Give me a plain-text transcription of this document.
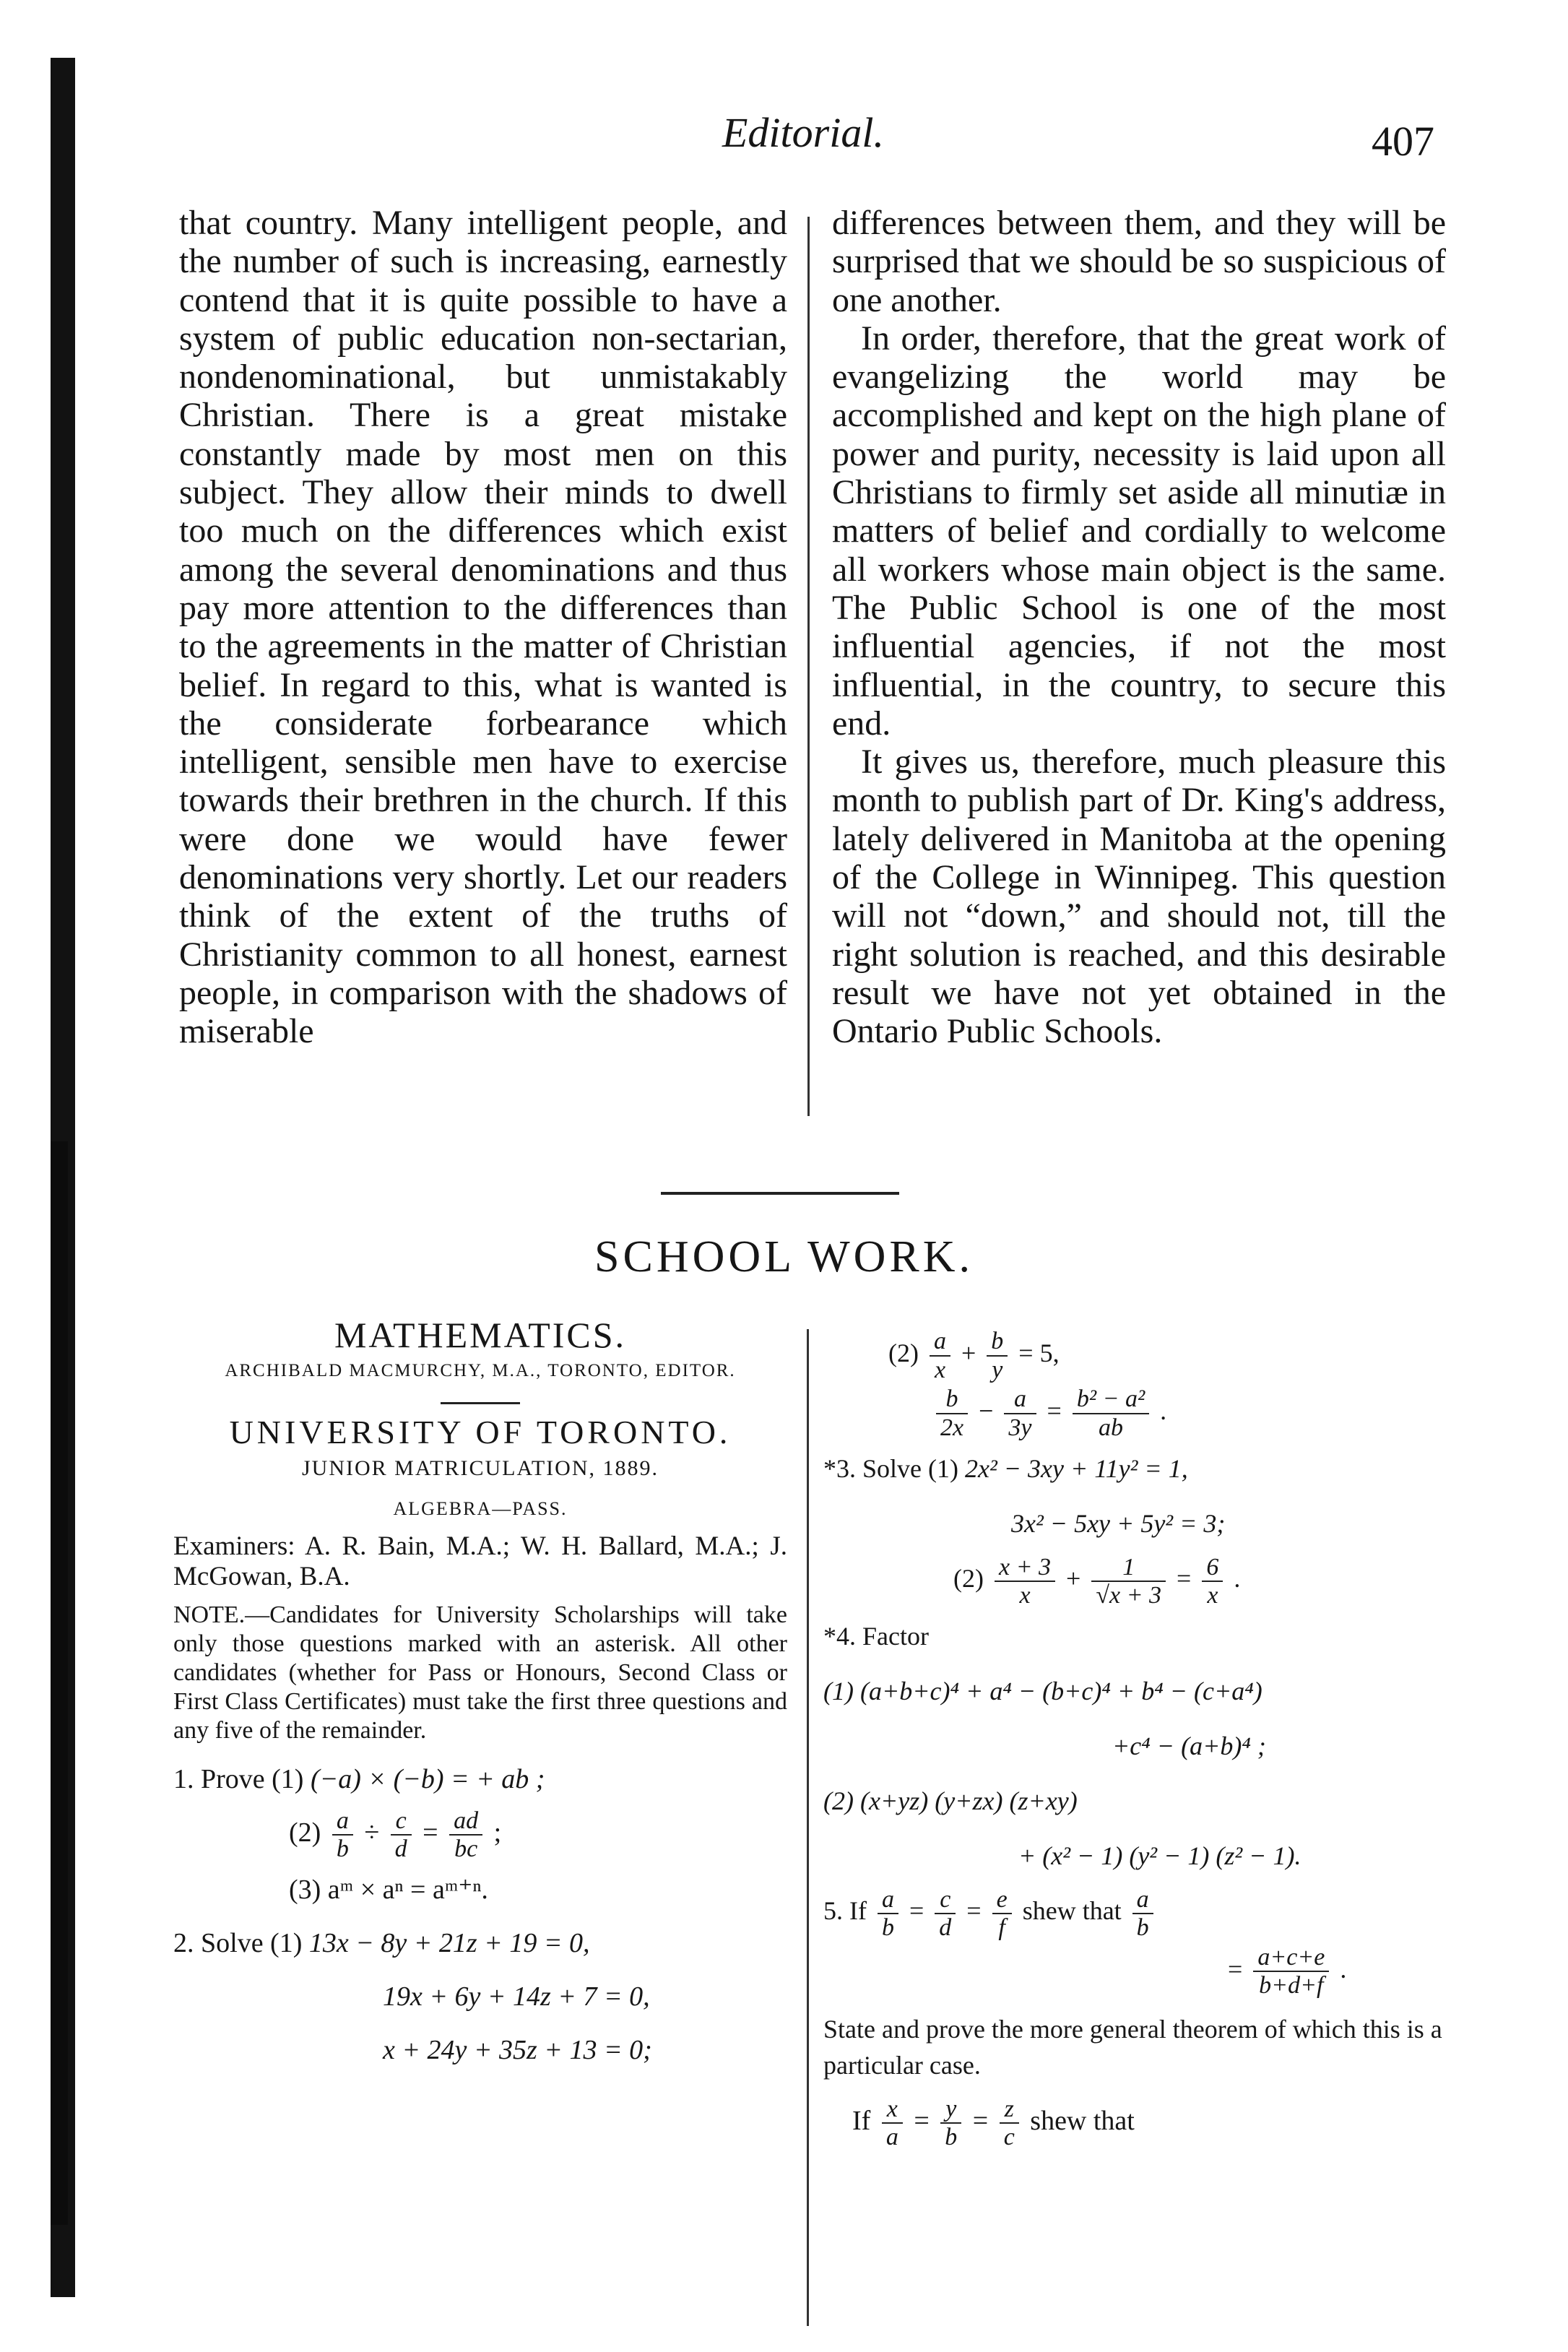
Editorial.	407

that country. Many intelligent people, and the number of such is increasing, earnestly contend that it is quite possible to have a system of public education non-sectarian, nondenominational, but unmistakably Christian. There is a great mistake constantly made by most men on this subject. They allow their minds to dwell too much on the differences which exist among the several denominations and thus pay more attention to the differences than to the agreements in the matter of Christian belief. In regard to this, what is wanted is the considerate forbearance which intelligent, sensible men have to exercise towards their brethren in the church. If this were done we would have fewer denominations very shortly. Let our readers think of the extent of the truths of Christianity common to all honest, earnest people, in comparison with the shadows of miserable

differences between them, and they will be surprised that we should be so suspicious of one another.

In order, therefore, that the great work of evangelizing the world may be accomplished and kept on the high plane of power and purity, necessity is laid upon all Christians to firmly set aside all minutiæ in matters of belief and cordially to welcome all workers whose main object is the same. The Public School is one of the most influential agencies, if not the most influential, in the country, to secure this end.

It gives us, therefore, much pleasure this month to publish part of Dr. King's address, lately delivered in Manitoba at the opening of the College in Winnipeg. This question will not “down,” and should not, till the right solution is reached, and this desirable result we have not yet obtained in the Ontario Public Schools.

SCHOOL WORK.
MATHEMATICS.
ARCHIBALD MACMURCHY, M.A., TORONTO, EDITOR.
UNIVERSITY OF TORONTO.
JUNIOR MATRICULATION, 1889.
ALGEBRA—PASS.
Examiners: A. R. Bain, M.A.; W. H. Ballard, M.A.; J. McGowan, B.A.
NOTE.—Candidates for University Scholarships will take only those questions marked with an asterisk. All other candidates (whether for Pass or Honours, Second Class or First Class Certificates) must take the first three questions and any five of the remainder.
1. Prove (1) (−a) × (−b) = + ab ;
$(2) \frac{a}{b} \div \frac{c}{d} = \frac{ad}{bc}$ ;
(3) aᵐ × aⁿ = aᵐ⁺ⁿ.
2. Solve (1) 13x − 8y + 21z + 19 = 0,
19x + 6y + 14z + 7 = 0,
x + 24y + 35z + 13 = 0;
$(2) \frac{a}{x} + \frac{b}{y} = 5$,
$\frac{b}{2x} - \frac{a}{3y} = \frac{\text{b² − a²}}{ab}$ .
*3. Solve (1) 2x² − 3xy + 11y² = 1,
3x² − 5xy + 5y² = 3;
$(2) \frac{x + 3}{x} + \frac{1}{√x + 3} = \frac{6}{x}$ .
*4. Factor
(1) (a+b+c)⁴ + a⁴ − (b+c)⁴ + b⁴ − (c+a⁴)
+c⁴ − (a+b)⁴ ;
(2) (x+yz) (y+zx) (z+xy)
+ (x² − 1) (y² − 1) (z² − 1).
5. If $\frac{a}{b} = \frac{c}{d} = \frac{e}{f}$ shew that $\frac{a}{b}$
= $\frac{a+c+e}{b+d+f}$ .
State and prove the more general theorem of which this is a particular case.
If $\frac{x}{a} = \frac{y}{b} = \frac{z}{c}$ shew that
